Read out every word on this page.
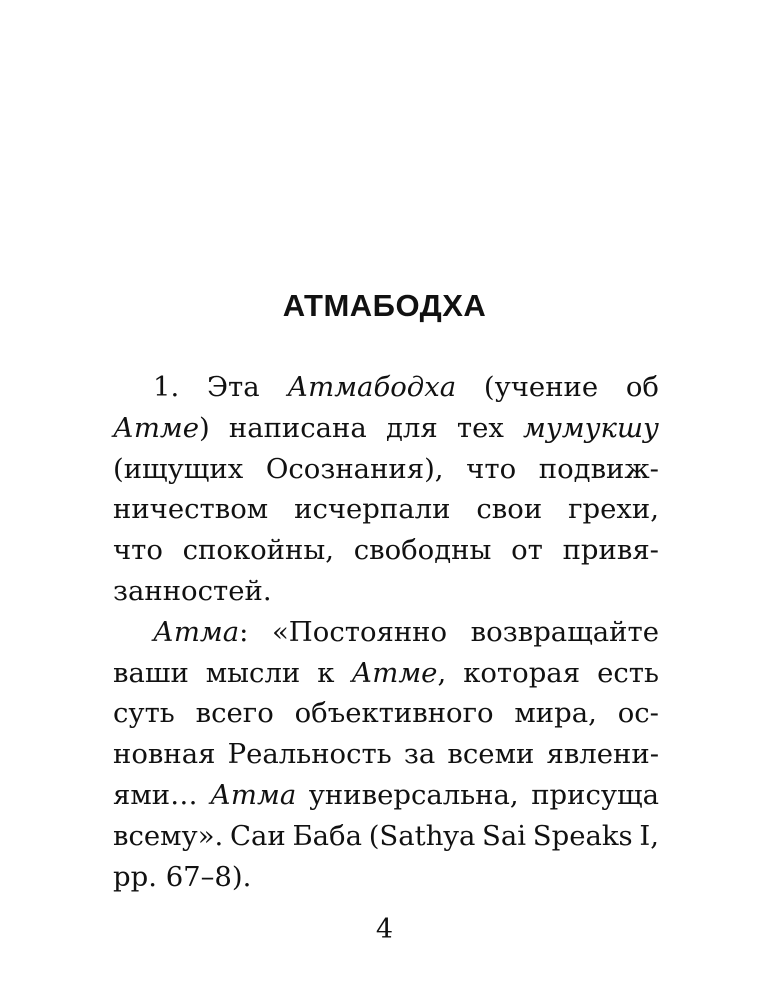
АТМАБОДХА
1. Эта Атмабодха (учение об
Атме) написана для тех мумукшу
(ищущих Осознания), что подвиж-
ничеством исчерпали свои грехи,
что спокойны, свободны от привя-
занностей.
Атма: «Постоянно возвращайте
ваши мысли к Атме, которая есть
суть всего объективного мира, ос-
новная Реальность за всеми явлени-
ями… Атма универсальна, присуща
всему». Саи Баба (Sathya Sai Speaks I,
pp. 67–8).
4
